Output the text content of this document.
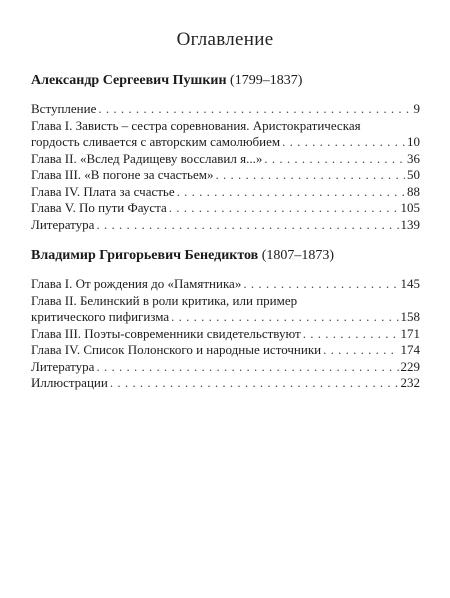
Оглавление
Александр Сергеевич Пушкин (1799–1837)
Вступление . . .	9
Глава I. Зависть – сестра соревнования. Аристократическая
гордость сливается с авторским самолюбием . . .	10
Глава II. «Вслед Радищеву восславил я...» . . .	36
Глава III. «В погоне за счастьем» . . .	50
Глава IV. Плата за счастье . . .	88
Глава V. По пути Фауста . . .	105
Литература . . .	139
Владимир Григорьевич Бенедиктов (1807–1873)
Глава I. От рождения до «Памятника» . . .	145
Глава II. Белинский в роли критика, или пример
критического пифигизма . . .	158
Глава III. Поэты-современники свидетельствуют . . .	171
Глава IV. Список Полонского и народные источники . . .	174
Литература . . .	229
Иллюстрации . . .	232
